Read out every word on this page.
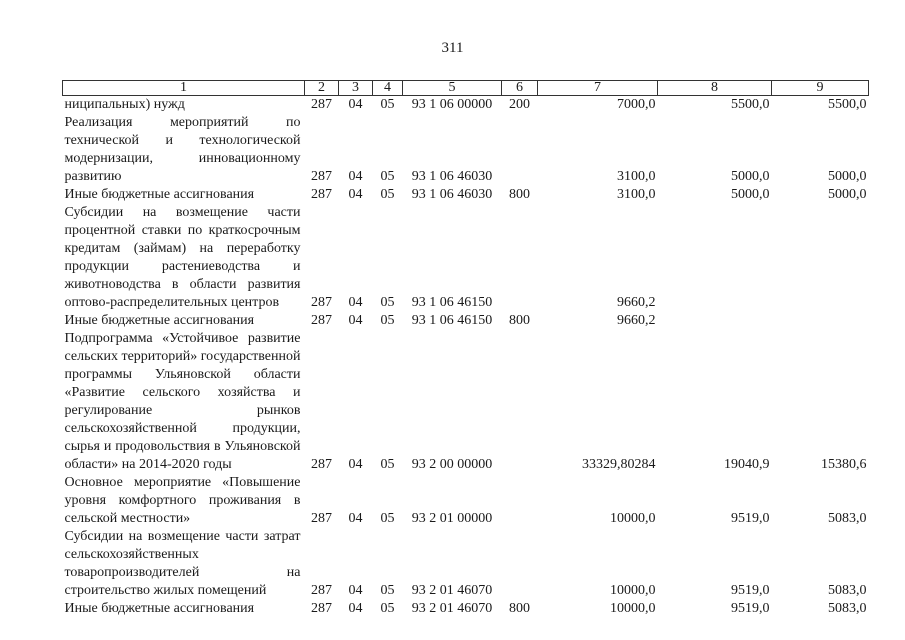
311
1	2	3	4	5	6	7	8	9
ниципальных) нужд	287	04	05	93 1 06 00000	200	7000,0	5500,0	5500,0
Реализация мероприятий по технической и технологической модернизации, инновационному развитию	287	04	05	93 1 06 46030		3100,0	5000,0	5000,0
Иные бюджетные ассигнования	287	04	05	93 1 06 46030	800	3100,0	5000,0	5000,0
Субсидии на возмещение части процентной ставки по краткосрочным кредитам (займам) на переработку продукции растениеводства и животноводства в области развития оптово-распределительных центров	287	04	05	93 1 06 46150		9660,2		
Иные бюджетные ассигнования	287	04	05	93 1 06 46150	800	9660,2		
Подпрограмма «Устойчивое развитие сельских территорий» государственной программы Ульяновской области «Развитие сельского хозяйства и регулирование рынков сельскохозяйственной продукции, сырья и продовольствия в Ульяновской области» на 2014-2020 годы	287	04	05	93 2 00 00000		33329,80284	19040,9	15380,6
Основное мероприятие «Повышение уровня комфортного проживания в сельской местности»	287	04	05	93 2 01 00000		10000,0	9519,0	5083,0
Субсидии на возмещение части затрат сельскохозяйственных товаропроизводителей на строительство жилых помещений	287	04	05	93 2 01 46070		10000,0	9519,0	5083,0
Иные бюджетные ассигнования	287	04	05	93 2 01 46070	800	10000,0	9519,0	5083,0
